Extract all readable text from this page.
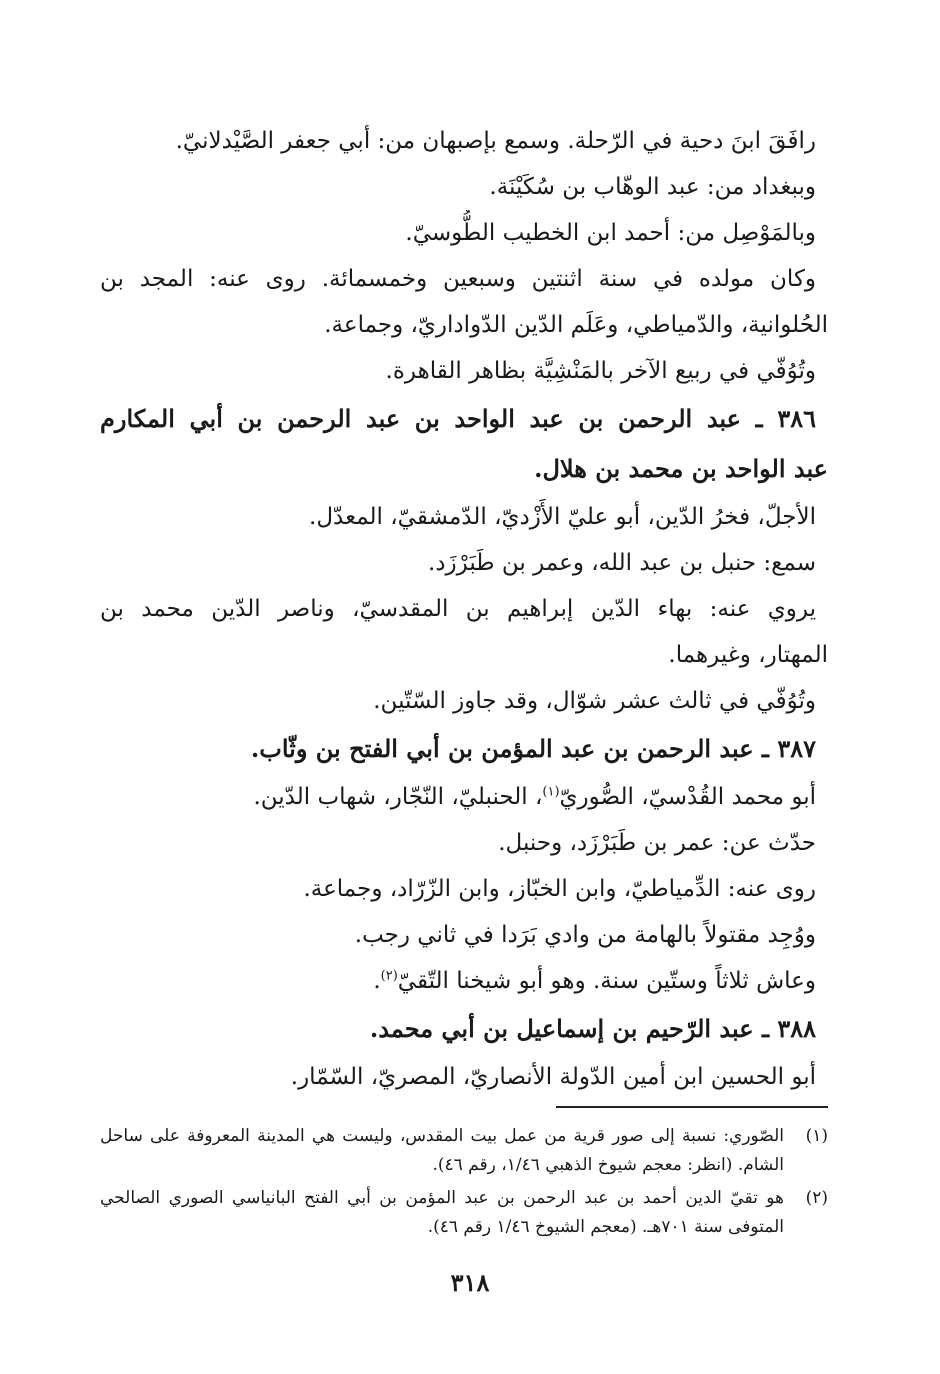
رافَقَ ابنَ دحية في الرّحلة. وسمع بإصبهان من: أبي جعفر الصَّيْدلانيّ.

وببغداد من: عبد الوهّاب بن سُكَيْنَة.

وبالمَوْصِل من: أحمد ابن الخطيب الطُّوسيّ.

وكان مولده في سنة اثنتين وسبعين وخمسمائة. روى عنه: المجد بن

الحُلوانية، والدّمياطي، وعَلَم الدّين الدّواداريّ، وجماعة.

وتُوُفّي في ربيع الآخر بالمَنْشِيَّة بظاهر القاهرة.

٣٨٦ ـ عبد الرحمن بن عبد الواحد بن عبد الرحمن بن أبي المكارم

عبد الواحد بن محمد بن هلال.

الأجلّ، فخرُ الدّين، أبو عليّ الأَزْديّ، الدّمشقيّ، المعدّل.

سمع: حنبل بن عبد الله، وعمر بن طَبَرْزَد.

يروي عنه: بهاء الدّين إبراهيم بن المقدسيّ، وناصر الدّين محمد بن

المهتار، وغيرهما.

وتُوُفّي في ثالث عشر شوّال، وقد جاوز السّتّين.

٣٨٧ ـ عبد الرحمن بن عبد المؤمن بن أبي الفتح بن وثّاب.

أبو محمد القُدْسيّ، الصُّوريّ$^{(١)}$، الحنبليّ، النّجّار، شهاب الدّين.

حدّث عن: عمر بن طَبَرْزَد، وحنبل.

روى عنه: الدِّمياطيّ، وابن الخبّاز، وابن الزّرّاد، وجماعة.

ووُجِد مقتولاً بالهامة من وادي بَرَدا في ثاني رجب.

وعاش ثلاثاً وستّين سنة. وهو أبو شيخنا التّقيّ$^{(٢)}$.

٣٨٨ ـ عبد الرّحيم بن إسماعيل بن أبي محمد.

أبو الحسين ابن أمين الدّولة الأنصاريّ، المصريّ، السّمّار.

(١)
الصّوري: نسبة إلى صور قرية من عمل بيت المقدس، وليست هي المدينة المعروفة على ساحل الشام. (انظر: معجم شيوخ الذهبي ١/٤٦، رقم ٤٦).
(٢)
هو تقيّ الدين أحمد بن عبد الرحمن بن عبد المؤمن بن أبي الفتح البانياسي الصوري الصالحي المتوفى سنة ٧٠١هـ. (معجم الشيوخ ١/٤٦ رقم ٤٦).
٣١٨
